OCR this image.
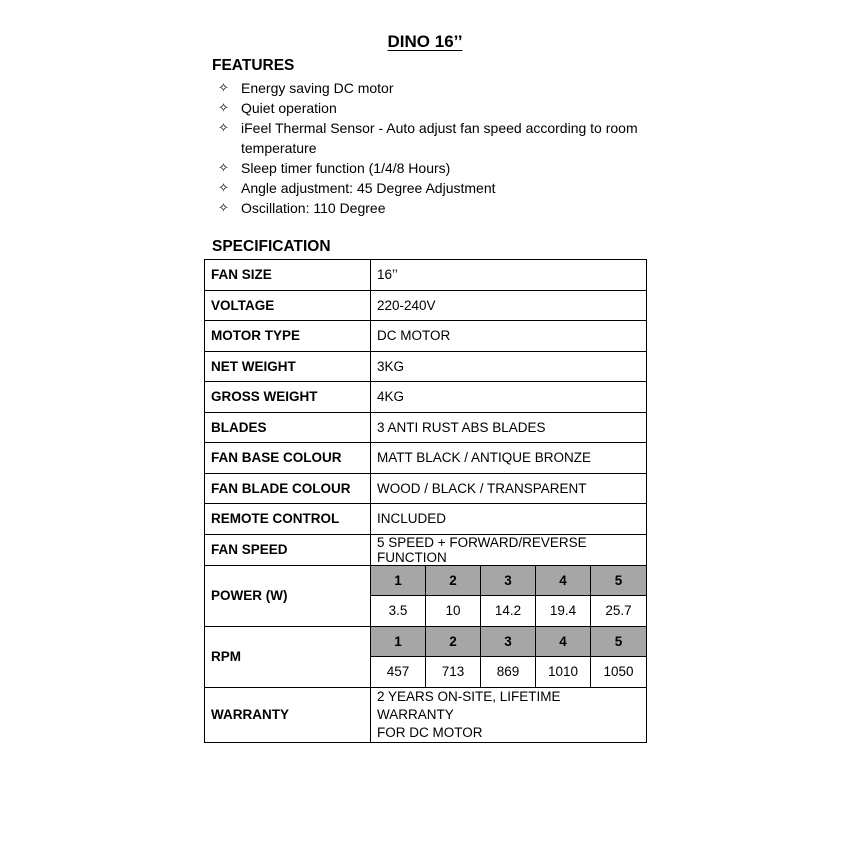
DINO 16’’
FEATURES
✧ Energy saving DC motor
✧ Quiet operation
✧ iFeel Thermal Sensor - Auto adjust fan speed according to room temperature
✧ Sleep timer function (1/4/8 Hours)
✧ Angle adjustment: 45 Degree Adjustment
✧ Oscillation: 110 Degree
SPECIFICATION
FAN SIZE	16’’				
VOLTAGE	220-240V				
MOTOR TYPE	DC MOTOR				
NET WEIGHT	3KG				
GROSS WEIGHT	4KG				
BLADES	3 ANTI RUST ABS BLADES				
FAN BASE COLOUR	MATT BLACK / ANTIQUE BRONZE				
FAN BLADE COLOUR	WOOD / BLACK / TRANSPARENT				
REMOTE CONTROL	INCLUDED				
FAN SPEED	5 SPEED + FORWARD/REVERSE FUNCTION				
POWER (W)	1	2	3	4	5
	3.5	10	14.2	19.4	25.7
RPM	1	2	3	4	5
	457	713	869	1010	1050
WARRANTY	2 YEARS ON-SITE, LIFETIME WARRANTY
FOR DC MOTOR				
